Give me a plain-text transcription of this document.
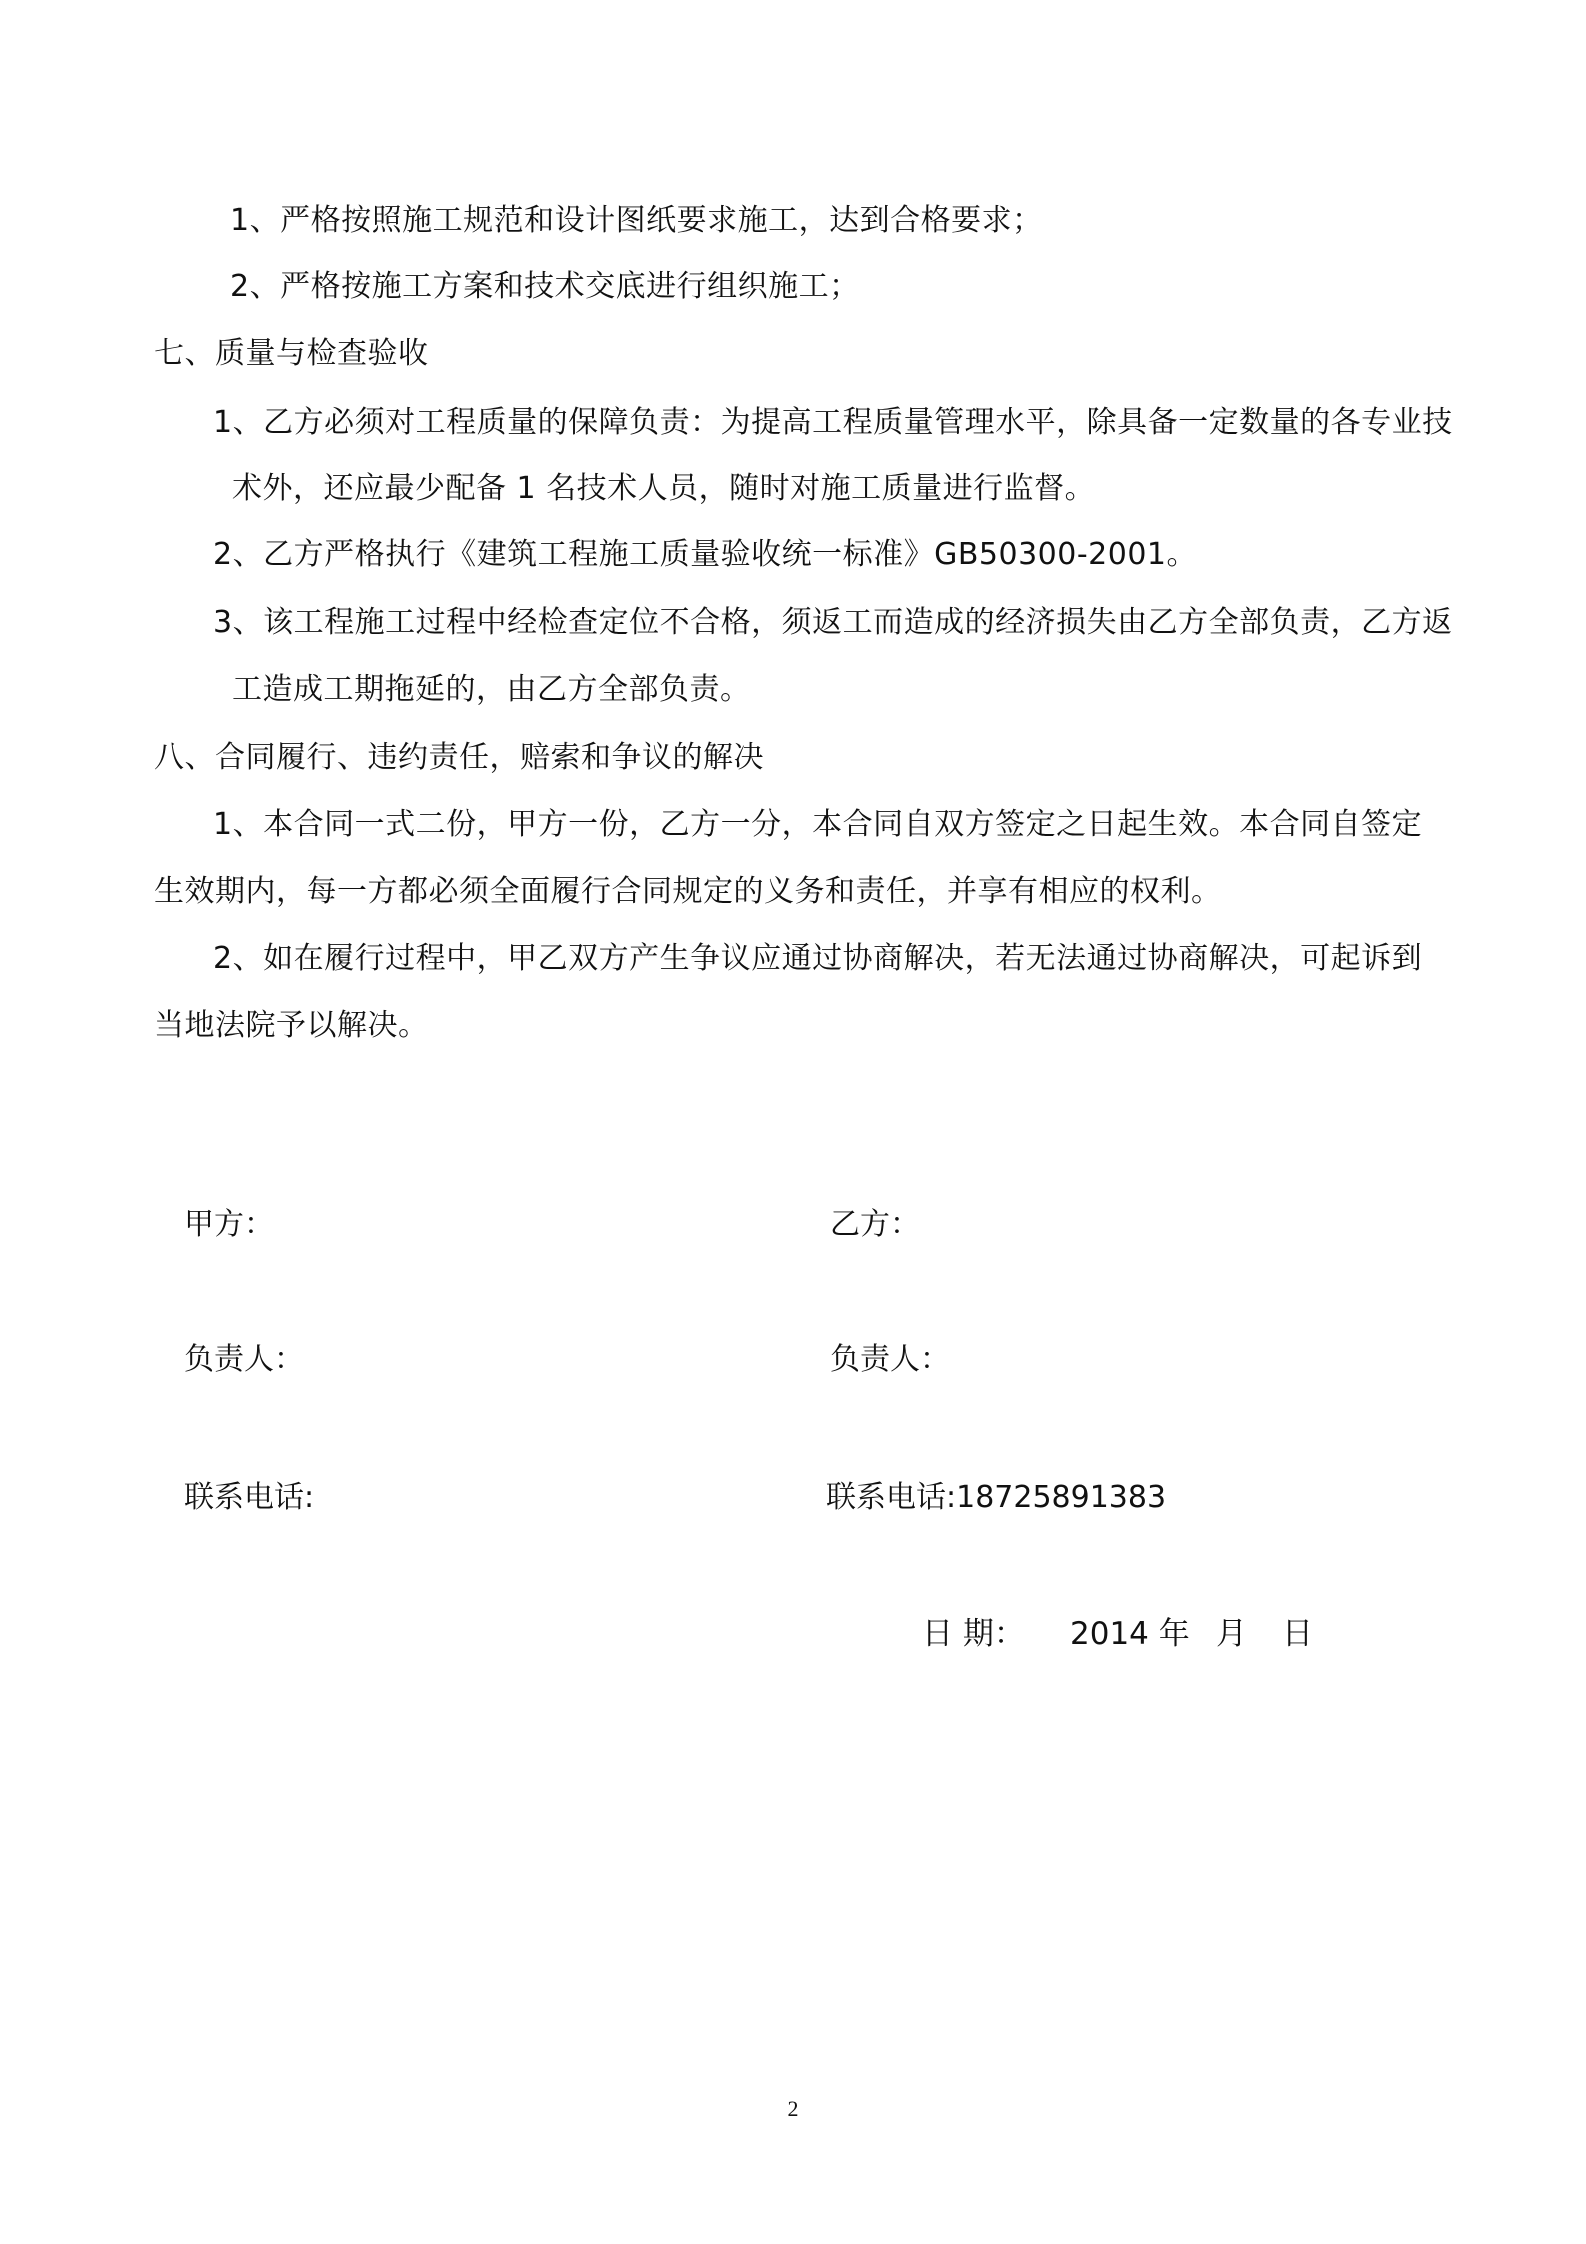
1、严格按照施工规范和设计图纸要求施工，达到合格要求；
2、严格按施工方案和技术交底进行组织施工；
七、质量与检查验收
1、乙方必须对工程质量的保障负责：为提高工程质量管理水平，除具备一定数量的各专业技
术外，还应最少配备 1 名技术人员，随时对施工质量进行监督。
2、乙方严格执行《建筑工程施工质量验收统一标准》GB50300-2001。
3、该工程施工过程中经检查定位不合格，须返工而造成的经济损失由乙方全部负责，乙方返
工造成工期拖延的，由乙方全部负责。
八、合同履行、违约责任，赔索和争议的解决
1、本合同一式二份，甲方一份，乙方一分，本合同自双方签定之日起生效。本合同自签定
生效期内，每一方都必须全面履行合同规定的义务和责任，并享有相应的权利。
2、如在履行过程中，甲乙双方产生争议应通过协商解决，若无法通过协商解决，可起诉到
当地法院予以解决。
甲方：
负责人：
联系电话:
乙方：
负责人：
联系电话:18725891383
日 期： 2014 年 月 日
2
